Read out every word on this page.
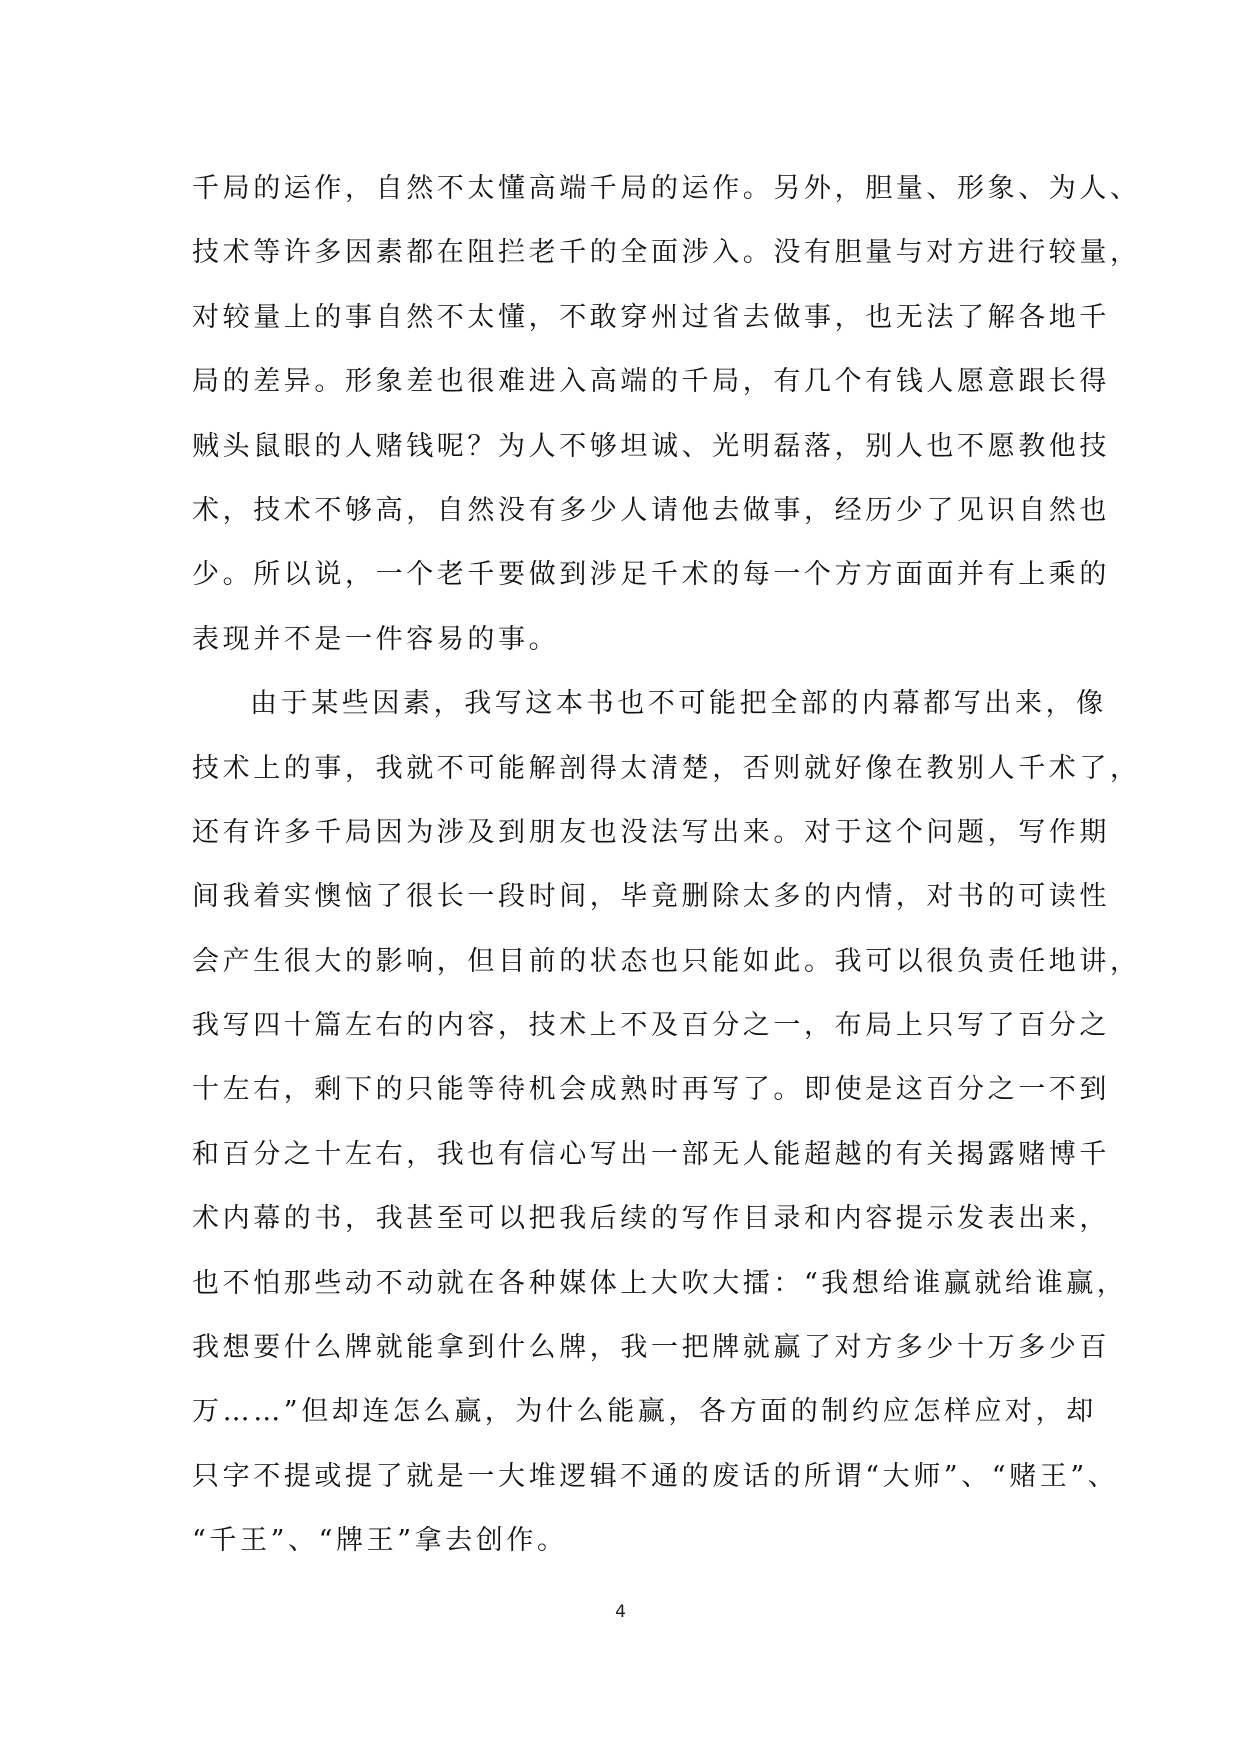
千局的运作，自然不太懂高端千局的运作。另外，胆量、形象、为人、
技术等许多因素都在阻拦老千的全面涉入。没有胆量与对方进行较量，
对较量上的事自然不太懂，不敢穿州过省去做事，也无法了解各地千
局的差异。形象差也很难进入高端的千局，有几个有钱人愿意跟长得
贼头鼠眼的人赌钱呢？为人不够坦诚、光明磊落，别人也不愿教他技
术，技术不够高，自然没有多少人请他去做事，经历少了见识自然也
少。所以说，一个老千要做到涉足千术的每一个方方面面并有上乘的
表现并不是一件容易的事。
由于某些因素，我写这本书也不可能把全部的内幕都写出来，像
技术上的事，我就不可能解剖得太清楚，否则就好像在教别人千术了，
还有许多千局因为涉及到朋友也没法写出来。对于这个问题，写作期
间我着实懊恼了很长一段时间，毕竟删除太多的内情，对书的可读性
会产生很大的影响，但目前的状态也只能如此。我可以很负责任地讲，
我写四十篇左右的内容，技术上不及百分之一，布局上只写了百分之
十左右，剩下的只能等待机会成熟时再写了。即使是这百分之一不到
和百分之十左右，我也有信心写出一部无人能超越的有关揭露赌博千
术内幕的书，我甚至可以把我后续的写作目录和内容提示发表出来，
也不怕那些动不动就在各种媒体上大吹大擂：“我想给谁赢就给谁赢，
我想要什么牌就能拿到什么牌，我一把牌就赢了对方多少十万多少百
万……”但却连怎么赢，为什么能赢，各方面的制约应怎样应对，却
只字不提或提了就是一大堆逻辑不通的废话的所谓“大师”、“赌王”、
“千王”、“牌王”拿去创作。
4
